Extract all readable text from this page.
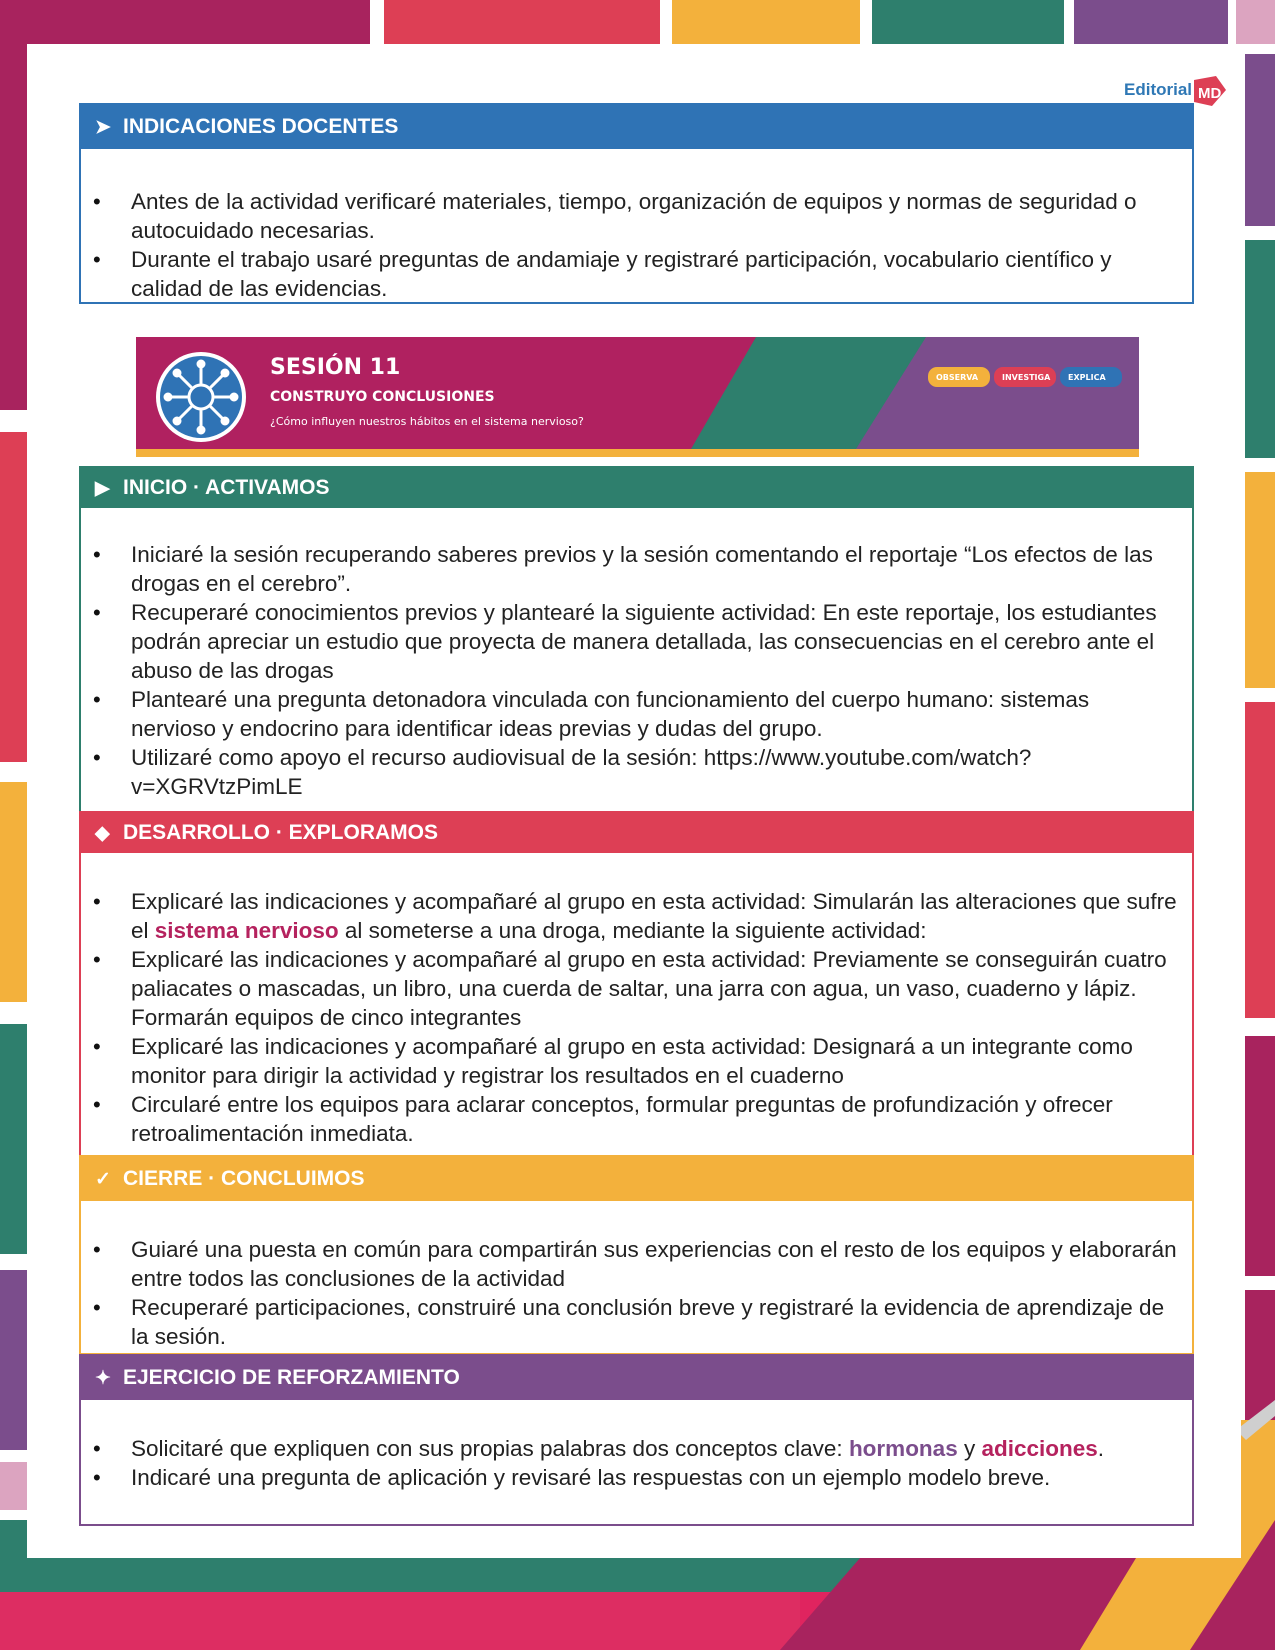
Editorial MD
➤ INDICACIONES DOCENTES
• Antes de la actividad verificaré materiales, tiempo, organización de equipos y normas de seguridad o autocuidado necesarias.
• Durante el trabajo usaré preguntas de andamiaje y registraré participación, vocabulario científico y calidad de las evidencias.
SESIÓN 11
CONSTRUYO CONCLUSIONES
¿Cómo influyen nuestros hábitos en el sistema nervioso?
OBSERVA	INVESTIGA	EXPLICA
▶ INICIO · ACTIVAMOS
• Iniciaré la sesión recuperando saberes previos y la sesión comentando el reportaje “Los efectos de las drogas en el cerebro”.
• Recuperaré conocimientos previos y plantearé la siguiente actividad: En este reportaje, los estudiantes podrán apreciar un estudio que proyecta de manera detallada, las consecuencias en el cerebro ante el abuso de las drogas
• Plantearé una pregunta detonadora vinculada con funcionamiento del cuerpo humano: sistemas nervioso y endocrino para identificar ideas previas y dudas del grupo.
• Utilizaré como apoyo el recurso audiovisual de la sesión: https://www.youtube.com/watch?v=XGRVtzPimLE
◆ DESARROLLO · EXPLORAMOS
• Explicaré las indicaciones y acompañaré al grupo en esta actividad: Simularán las alteraciones que sufre el sistema nervioso al someterse a una droga, mediante la siguiente actividad:
• Explicaré las indicaciones y acompañaré al grupo en esta actividad: Previamente se conseguirán cuatro paliacates o mascadas, un libro, una cuerda de saltar, una jarra con agua, un vaso, cuaderno y lápiz. Formarán equipos de cinco integrantes
• Explicaré las indicaciones y acompañaré al grupo en esta actividad: Designará a un integrante como monitor para dirigir la actividad y registrar los resultados en el cuaderno
• Circularé entre los equipos para aclarar conceptos, formular preguntas de profundización y ofrecer retroalimentación inmediata.
✓ CIERRE · CONCLUIMOS
• Guiaré una puesta en común para compartirán sus experiencias con el resto de los equipos y elaborarán entre todos las conclusiones de la actividad
• Recuperaré participaciones, construiré una conclusión breve y registraré la evidencia de aprendizaje de la sesión.
✦ EJERCICIO DE REFORZAMIENTO
• Solicitaré que expliquen con sus propias palabras dos conceptos clave: hormonas y adicciones.
• Indicaré una pregunta de aplicación y revisaré las respuestas con un ejemplo modelo breve.
